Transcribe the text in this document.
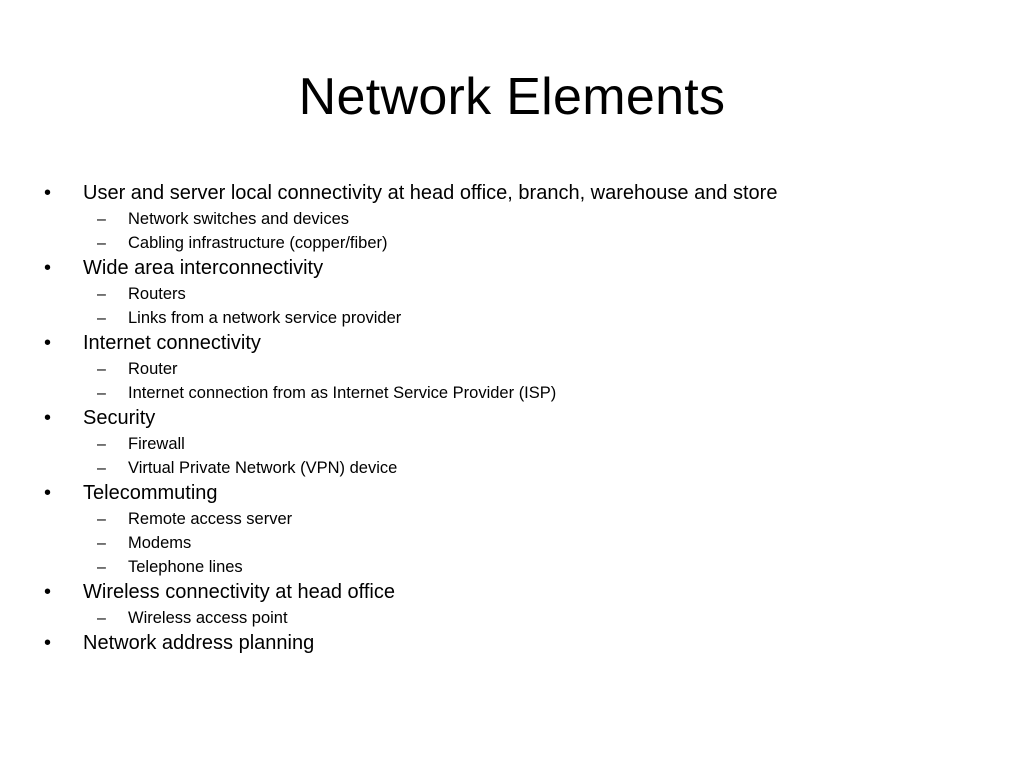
Network Elements
•	User and server local connectivity at head office, branch, warehouse and store
–	Network switches and devices
–	Cabling infrastructure (copper/fiber)
•	Wide area interconnectivity
–	Routers
–	Links from a network service provider
•	Internet connectivity
–	Router
–	Internet connection from as Internet Service Provider (ISP)
•	Security
–	Firewall
–	Virtual Private Network (VPN) device
•	Telecommuting
–	Remote access server
–	Modems
–	Telephone lines
•	Wireless connectivity at head office
–	Wireless access point
•	Network address planning
